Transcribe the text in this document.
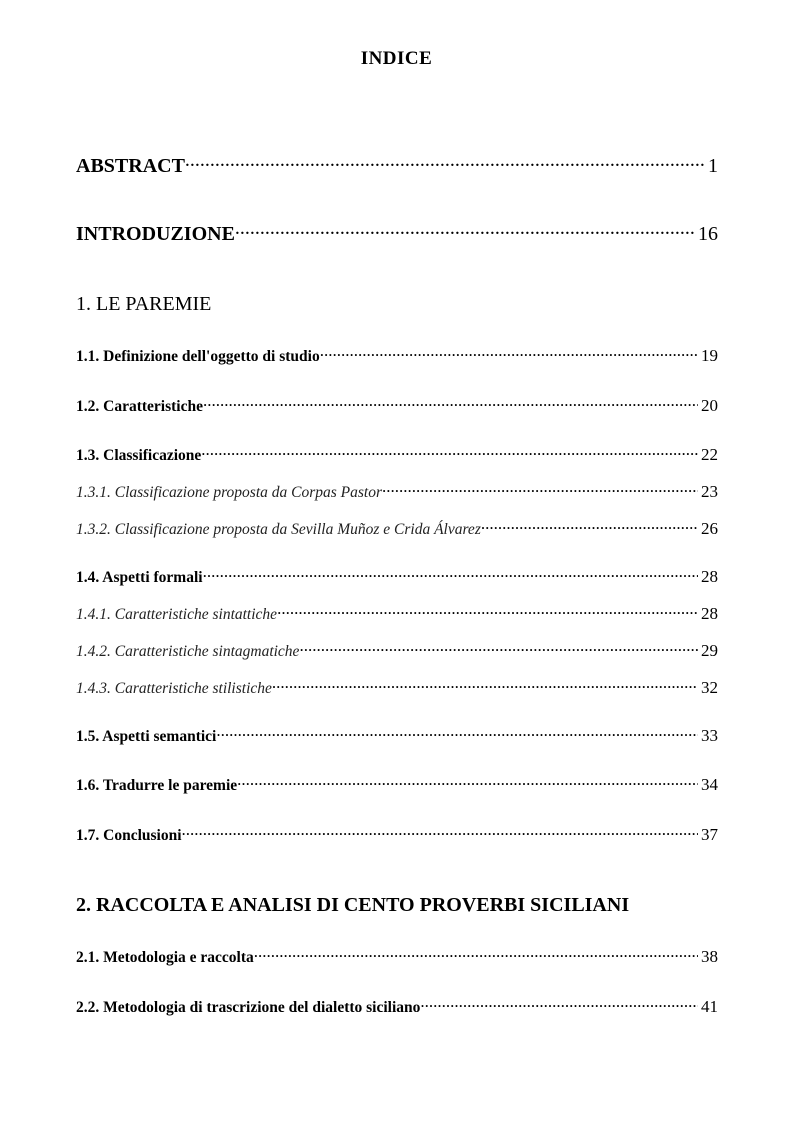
INDICE
ABSTRACT .....	1
INTRODUZIONE .....	16
1. LE PAREMIE
1.1. Definizione dell'oggetto di studio .....	19
1.2. Caratteristiche .....	20
1.3. Classificazione .....	22
1.3.1. Classificazione proposta da Corpas Pastor .....	23
1.3.2. Classificazione proposta da Sevilla Muñoz e Crida Álvarez .....	26
1.4. Aspetti formali .....	28
1.4.1. Caratteristiche sintattiche .....	28
1.4.2. Caratteristiche sintagmatiche .....	29
1.4.3. Caratteristiche stilistiche .....	32
1.5. Aspetti semantici .....	33
1.6. Tradurre le paremie .....	34
1.7. Conclusioni .....	37
2. RACCOLTA E ANALISI DI CENTO PROVERBI SICILIANI
2.1. Metodologia e raccolta .....	38
2.2. Metodologia di trascrizione del dialetto siciliano .....	41
